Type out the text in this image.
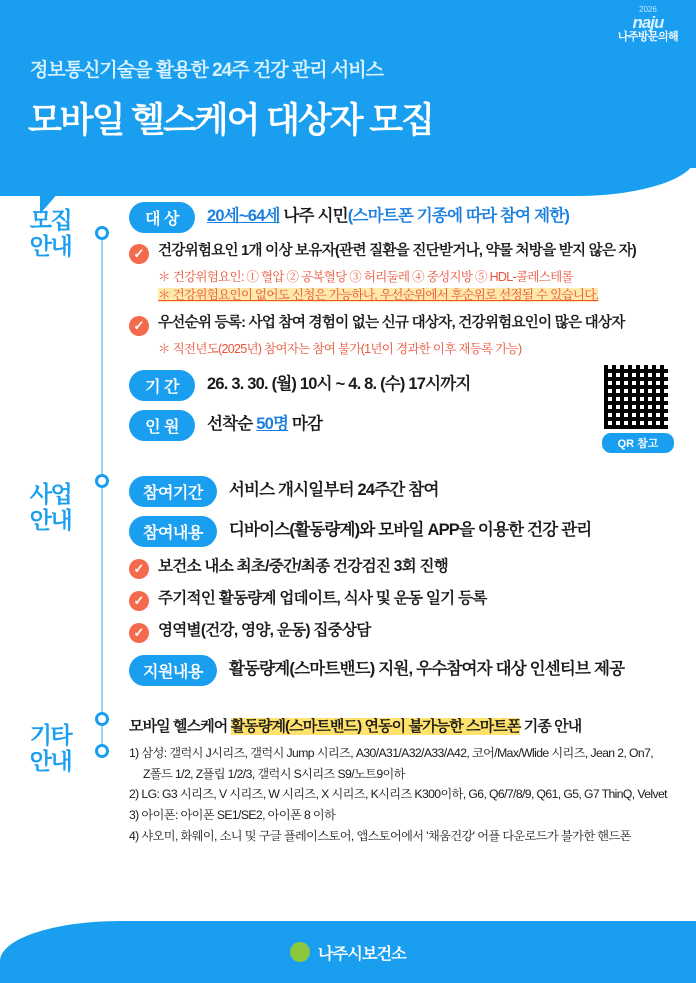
2026
naju
나주방문의해
정보통신기술을 활용한 24주 건강 관리 서비스
모바일 헬스케어 대상자 모집
QR 참고
모집
안내
대 상	20세~64세 나주 시민(스마트폰 기종에 따라 참여 제한)
✓ 건강위험요인 1개 이상 보유자(관련 질환을 진단받거나, 약물 처방을 받지 않은 자)
＊ 건강위험요인: ① 혈압 ② 공복혈당 ③ 허리둘레 ④ 중성지방 ⑤ HDL-콜레스테롤
＊ 건강위험요인이 없어도 신청은 가능하나, 우선순위에서 후순위로 선정될 수 있습니다.
✓ 우선순위 등록: 사업 참여 경험이 없는 신규 대상자, 건강위험요인이 많은 대상자
＊ 직전년도(2025년) 참여자는 참여 불가(1년이 경과한 이후 재등록 가능)
기 간	26. 3. 30. (월) 10시 ~ 4. 8. (수) 17시까지
인 원	선착순 50명 마감
사업
안내
참여기간	서비스 개시일부터 24주간 참여
참여내용	디바이스(활동량계)와 모바일 APP을 이용한 건강 관리
✓ 보건소 내소 최초/중간/최종 건강검진 3회 진행
✓ 주기적인 활동량계 업데이트, 식사 및 운동 일기 등록
✓ 영역별(건강, 영양, 운동) 집중상담
지원내용	활동량계(스마트밴드) 지원, 우수참여자 대상 인센티브 제공
기타
안내
모바일 헬스케어 활동량계(스마트밴드) 연동이 불가능한 스마트폰 기종 안내
1) 삼성: 갤럭시 J시리즈, 갤럭시 Jump 시리즈, A30/A31/A32/A33/A42, 코어/Max/Wlide 시리즈, Jean 2, On7,
Z폴드 1/2, Z플립 1/2/3, 갤럭시 S시리즈 S9/노트9이하
2) LG: G3 시리즈, V 시리즈, W 시리즈, X 시리즈, K시리즈 K300이하, G6, Q6/7/8/9, Q61, G5, G7 ThinQ, Velvet
3) 아이폰: 아이폰 SE1/SE2, 아이폰 8 이하
4) 샤오미, 화웨이, 소니 및 구글 플레이스토어, 앱스토어에서 '채움건강' 어플 다운로드가 불가한 핸드폰
나주시보건소
